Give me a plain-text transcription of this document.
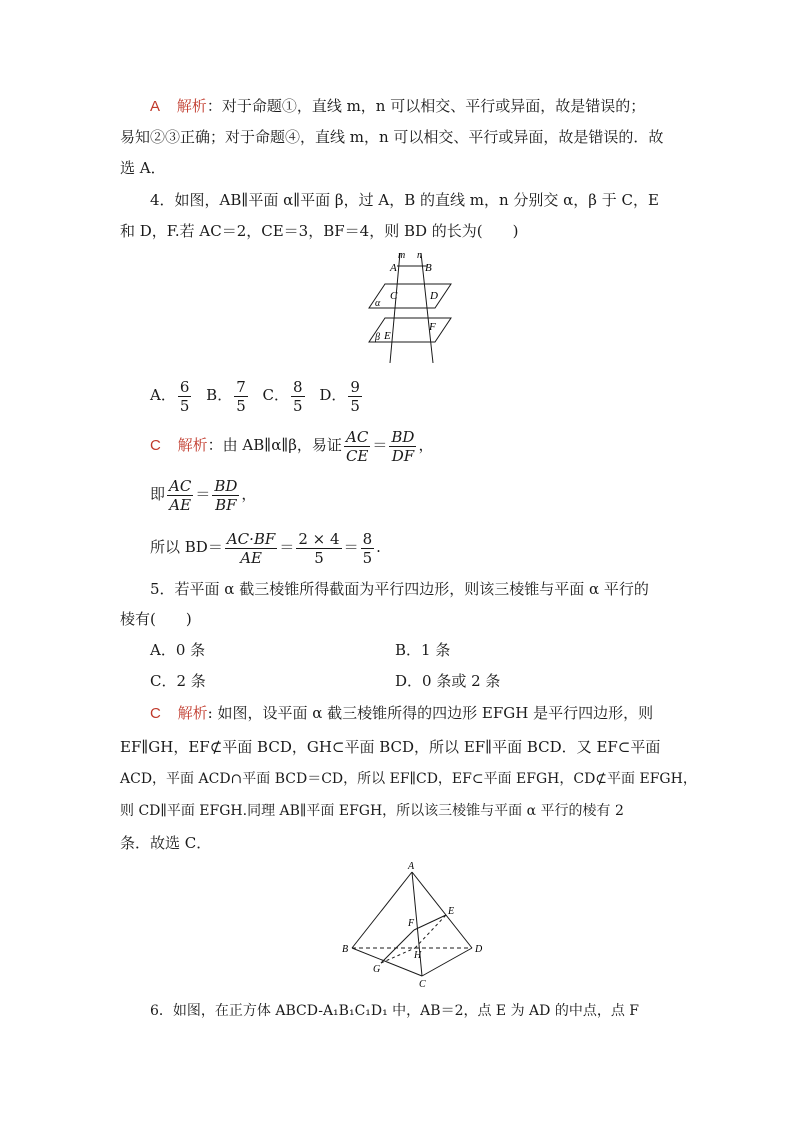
A 解析：对于命题①，直线 m，n 可以相交、平行或异面，故是错误的；
易知②③正确；对于命题④，直线 m，n 可以相交、平行或异面，故是错误的．故
选 A．
4．如图，AB∥平面 α∥平面 β，过 A，B 的直线 m，n 分别交 α，β 于 C，E
和 D，F.若 AC＝2，CE＝3，BF＝4，则 BD 的长为(　　)
m n
A	B
C	D
α
β E
F
A． $\frac{6}{5}$ B． $\frac{7}{5}$ C． $\frac{8}{5}$ D． $\frac{9}{5}$
C 解析：由 AB∥α∥β，易证 $\frac{AC}{CE} = \frac{BD}{DF}$ ，
即 $\frac{AC}{AE} = \frac{BD}{BF}$ ，
所以 $BD= \frac{AC\cdot BF}{AE} = \frac{2 \times 4}{5} = \frac{8}{5}$ .
5．若平面 α 截三棱锥所得截面为平行四边形，则该三棱锥与平面 α 平行的
棱有(　　)
A．0 条	B．1 条
C．2 条	D．0 条或 2 条
C 解析: 如图，设平面 α 截三棱锥所得的四边形 EFGH 是平行四边形，则
EF∥GH，EF⊄平面 BCD，GH⊂平面 BCD，所以 EF∥平面 BCD．又 EF⊂平面
ACD，平面 ACD∩平面 BCD＝CD，所以 EF∥CD，EF⊂平面 EFGH，CD⊄平面 EFGH，
则 CD∥平面 EFGH.同理 AB∥平面 EFGH，所以该三棱锥与平面 α 平行的棱有 2
条．故选 C．
A
B
C
D
E
F
G
H
6．如图，在正方体 ABCD-A₁B₁C₁D₁ 中，AB＝2，点 E 为 AD 的中点，点 F
